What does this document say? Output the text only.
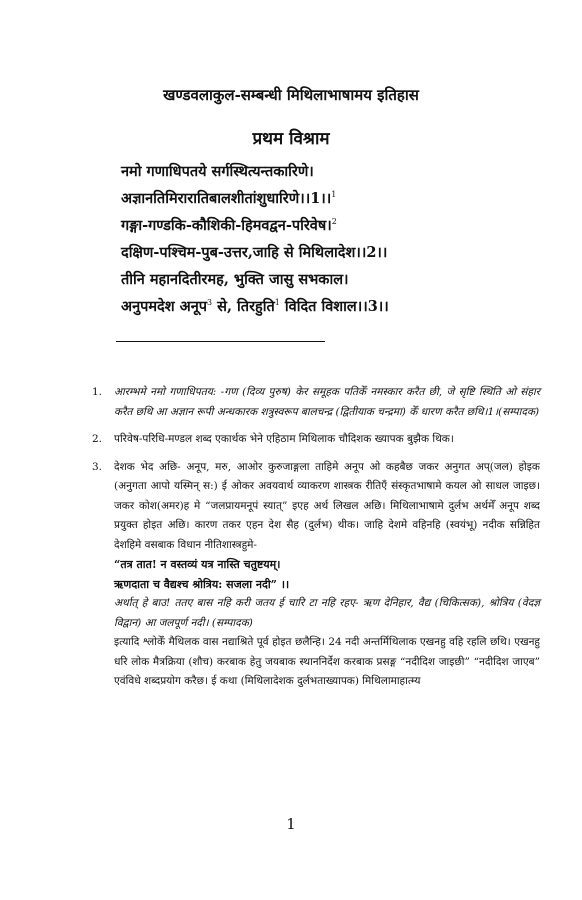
खण्डवलाकुल-सम्बन्धी मिथिलाभाषामय इतिहास
प्रथम विश्राम
नमो गणाधिपतये सर्गस्थित्यन्तकारिणे।
अज्ञानतिमिरारातिबालशीतांशुधारिणे।।1।।$^1$
गङ्गा-गण्डकि-कौशिकी-हिमवद्वन-परिवेष।$^2$
दक्षिण-पश्चिम-पुब-उत्तर,जाहि से मिथिलादेश।।2।।
तीनि महानदितीरमह, भुक्ति जासु सभकाल।
अनुपमदेश अनूप$^3$ से, तिरहुति$^1$ विदित विशाल।।3।।
1. आरम्भमे नमो गणाधिपतय: -गण (दिव्य पुरुष) केर समूहक पतिकेँ नमस्कार करैत छी, जे सृष्टि स्थिति ओ संहार करैत छथि आ अज्ञान रूपी अन्धकारक शत्रुस्वरूप बालचन्द्र (द्वितीयाक चन्द्रमा) केँ धारण करैत छथि।1।(सम्पादक)
2. परिवेष-परिधि-मण्डल शब्द एकार्थक भेने एहिठाम मिथिलाक चौदिशक ख्यापक बुझैक थिक।
3. देशक भेद अछि- अनूप, मरु, आओर कुरुजाङ्गला ताहिमे अनूप ओ कहबैछ जकर अनुगत अप्(जल) होइक (अनुगता आपो यस्मिन् स:) ई ओकर अवयवार्थ व्याकरण शास्त्रक रीतिएँ संस्कृतभाषामे कयल ओ साधल जाइछ। जकर कोश(अमर)ह मे “जलप्रायमनूपं स्यात्” इएह अर्थ लिखल अछि। मिथिलाभाषामे दुर्लभ अर्थमेँ अनूप शब्द प्रयुक्त होइत अछि। कारण तकर एहन देश सैह (दुर्लभ) थीक। जाहि देशमे वहिनहि (स्वयंभू) नदीक सन्निहित देशहिमे वसबाक विधान नीतिशास्त्रहुमे-
“तत्र तात! न वस्तव्यं यत्र नास्ति चतुष्टयम्।
ऋणदाता च वैद्यश्च श्रोत्रिय: सजला नदी” ।।
अर्थात् हे बाउ! ततए बास नहि करी जतय ई चारि टा नहि रहए- ऋण देनिहार, वैद्य (चिकित्सक), श्रोत्रिय (वेदज्ञ विद्वान) आ जलपूर्ण नदी। (सम्पादक)
इत्यादि श्लोकेँ मैथिलक वास नद्याश्रिते पूर्व होइत छलैन्हि। 24 नदी अन्तर्मिथिलाक एखनहु वहि रहलि छथि। एखनहु धरि लोक मैत्रक्रिया (शौच) करबाक हेतु जयबाक स्थाननिर्देश करबाक प्रसङ्ग “नदीदिश जाइछी” “नदीदिश जाएब” एवंविधे शब्दप्रयोग करैछ। ई कथा (मिथिलादेशक दुर्लभताख्यापक) मिथिलामाहात्म्य
1
